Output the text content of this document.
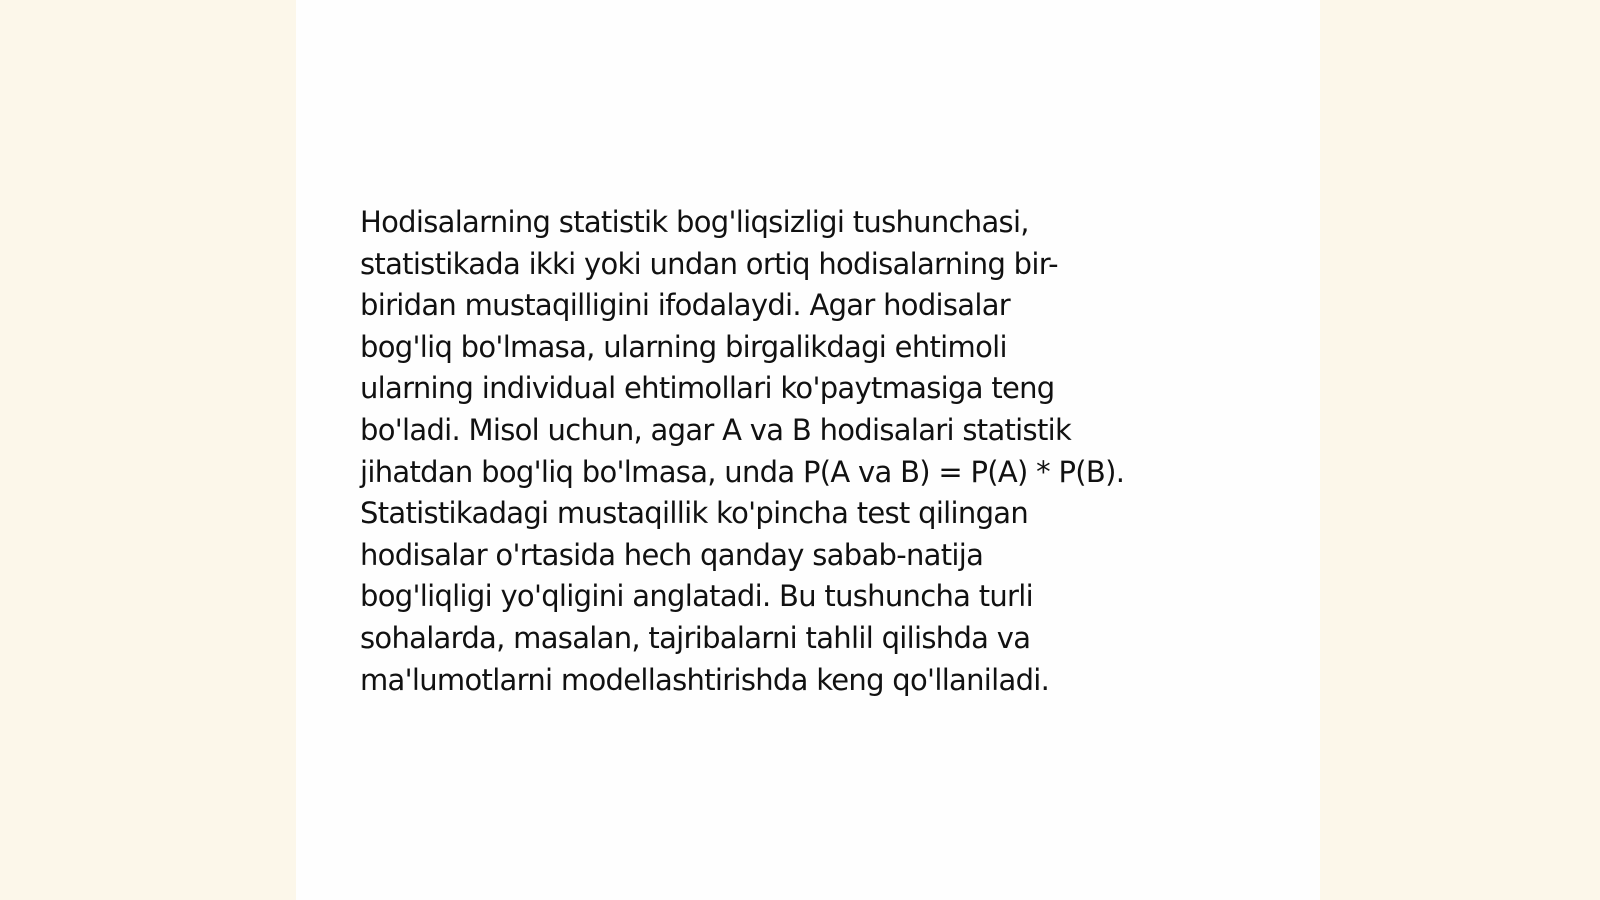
Hodisalarning statistik bog'liqsizligi tushunchasi,
statistikada ikki yoki undan ortiq hodisalarning bir-
biridan mustaqilligini ifodalaydi. Agar hodisalar
bog'liq bo'lmasa, ularning birgalikdagi ehtimoli
ularning individual ehtimollari ko'paytmasiga teng
bo'ladi. Misol uchun, agar A va B hodisalari statistik
jihatdan bog'liq bo'lmasa, unda P(A va B) = P(A) * P(B).
Statistikadagi mustaqillik ko'pincha test qilingan
hodisalar o'rtasida hech qanday sabab-natija
bog'liqligi yo'qligini anglatadi. Bu tushuncha turli
sohalarda, masalan, tajribalarni tahlil qilishda va
ma'lumotlarni modellashtirishda keng qo'llaniladi.
